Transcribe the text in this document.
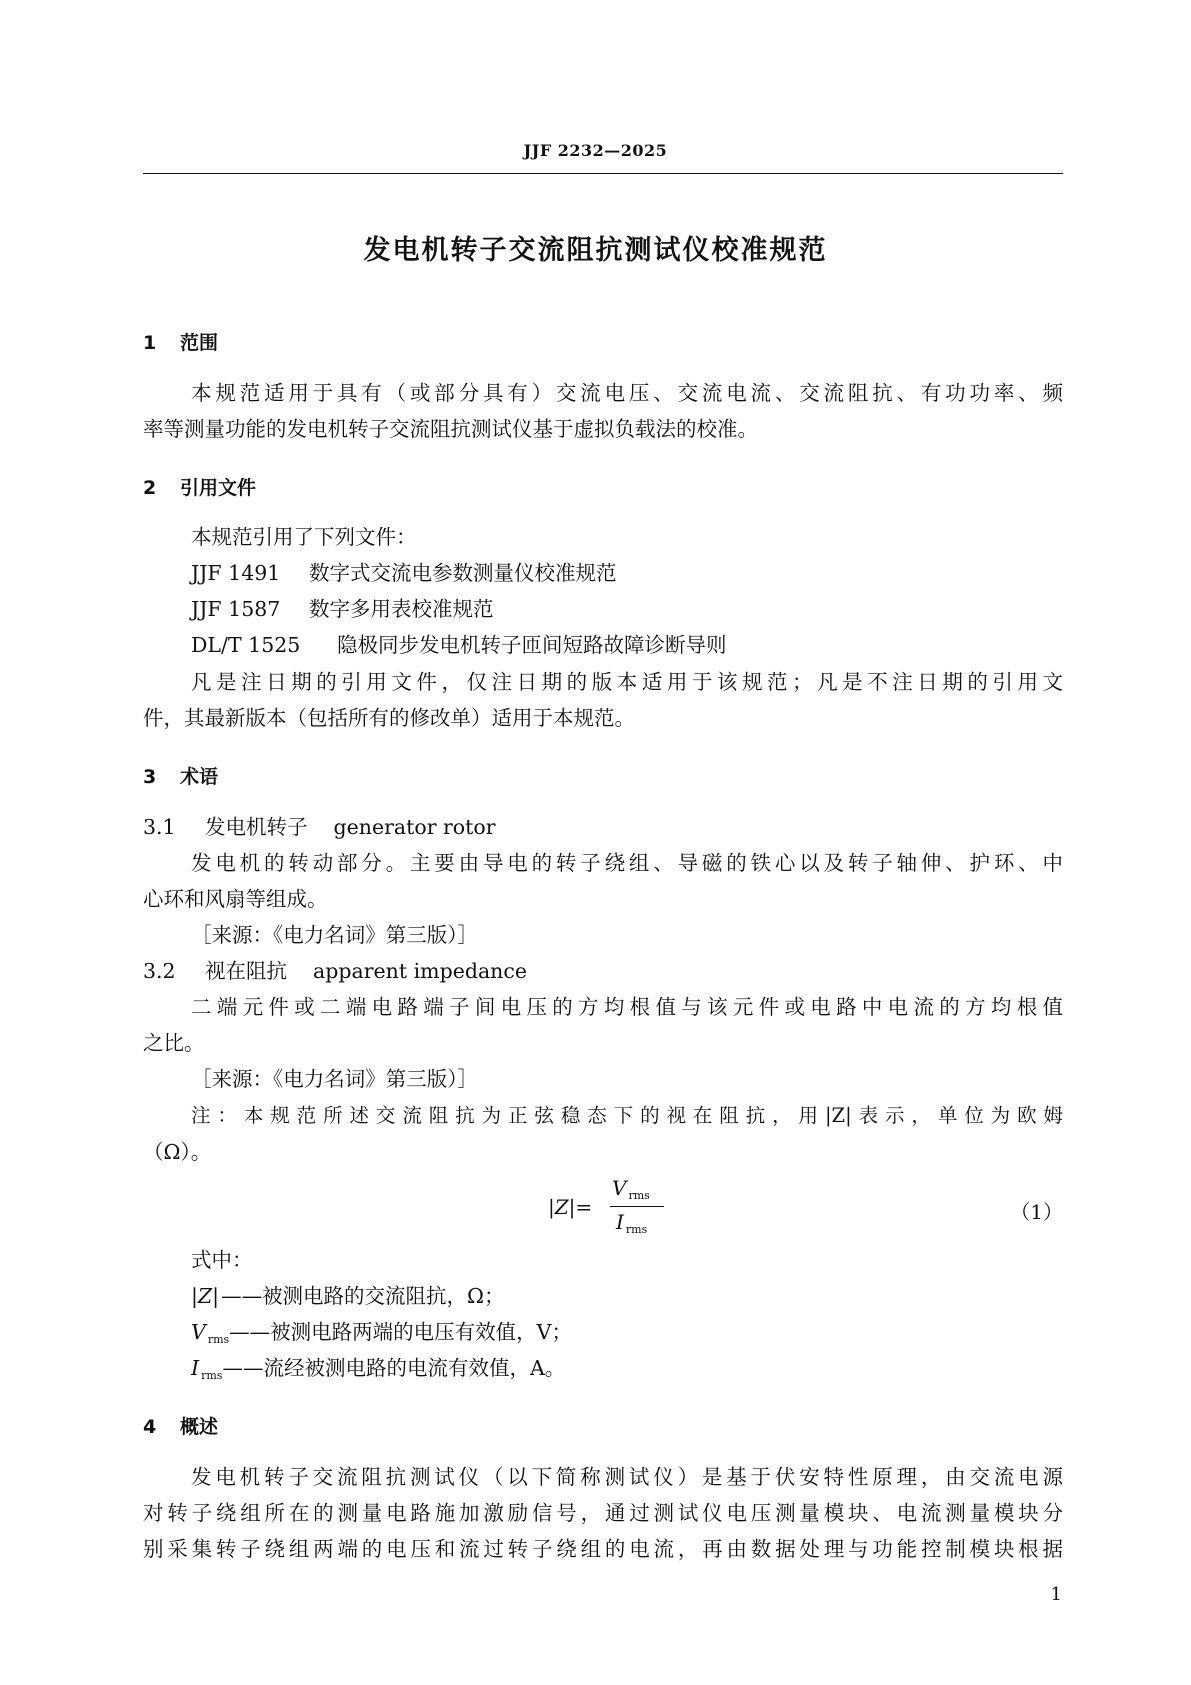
JJF 2232—2025
发电机转子交流阻抗测试仪校准规范
1 范围
本规范适用于具有（或部分具有）交流电压、交流电流、交流阻抗、有功功率、频
率等测量功能的发电机转子交流阻抗测试仪基于虚拟负载法的校准。
2 引用文件
本规范引用了下列文件：
JJF 1491 数字式交流电参数测量仪校准规范
JJF 1587 数字多用表校准规范
DL/T 1525 隐极同步发电机转子匝间短路故障诊断导则
凡是注日期的引用文件，仅注日期的版本适用于该规范；凡是不注日期的引用文
件，其最新版本（包括所有的修改单）适用于本规范。
3 术语
3.1 发电机转子 generator rotor
发电机的转动部分。主要由导电的转子绕组、导磁的铁心以及转子轴伸、护环、中
心环和风扇等组成。
［来源：《电力名词》第三版）］
3.2 视在阻抗 apparent impedance
二端元件或二端电路端子间电压的方均根值与该元件或电路中电流的方均根值
之比。
［来源：《电力名词》第三版）］
注：本规范所述交流阻抗为正弦稳态下的视在阻抗，用|Z|表示，单位为欧姆
（Ω）。
|Z|=
V $_{rms}$
I $_{rms}$
（1）
式中：
|Z|——被测电路的交流阻抗，Ω；
V $_{rms}$——被测电路两端的电压有效值，V；
I $_{rms}$——流经被测电路的电流有效值，A。
4 概述
发电机转子交流阻抗测试仪（以下简称测试仪）是基于伏安特性原理，由交流电源
对转子绕组所在的测量电路施加激励信号，通过测试仪电压测量模块、电流测量模块分
别采集转子绕组两端的电压和流过转子绕组的电流，再由数据处理与功能控制模块根据
1
